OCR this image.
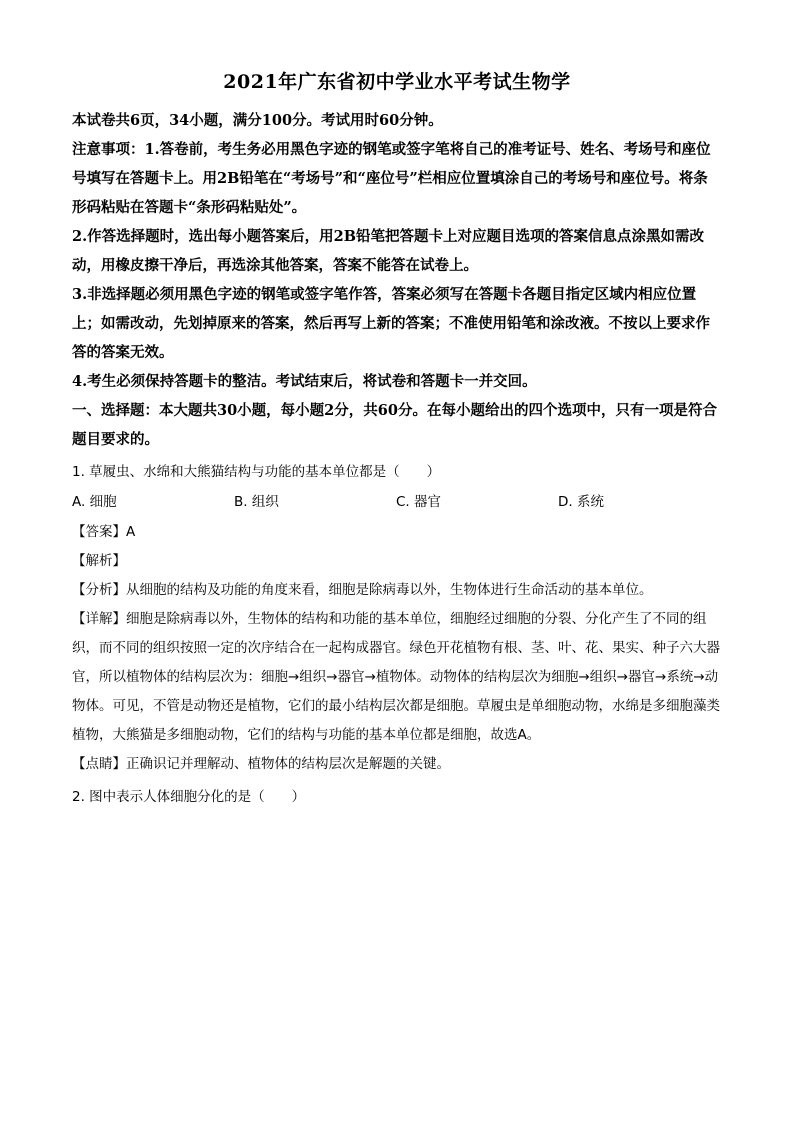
2021年广东省初中学业水平考试生物学

本试卷共6页，34小题，满分100分。考试用时60分钟。

注意事项：1.答卷前，考生务必用黑色字迹的钢笔或签字笔将自己的准考证号、姓名、考场号和座位号填写在答题卡上。用2B铅笔在“考场号”和“座位号”栏相应位置填涂自己的考场号和座位号。将条形码粘贴在答题卡“条形码粘贴处”。

2.作答选择题时，选出每小题答案后，用2B铅笔把答题卡上对应题目选项的答案信息点涂黑如需改动，用橡皮擦干净后，再选涂其他答案，答案不能答在试卷上。

3.非选择题必须用黑色字迹的钢笔或签字笔作答，答案必须写在答题卡各题目指定区域内相应位置上；如需改动，先划掉原来的答案，然后再写上新的答案；不准使用铅笔和涂改液。不按以上要求作答的答案无效。

4.考生必须保持答题卡的整洁。考试结束后，将试卷和答题卡一并交回。

一、选择题：本大题共30小题，每小题2分，共60分。在每小题给出的四个选项中，只有一项是符合题目要求的。

1. 草履虫、水绵和大熊猫结构与功能的基本单位都是（　　）

A. 细胞	B. 组织	C. 器官	D. 系统

【答案】A

【解析】

【分析】从细胞的结构及功能的角度来看，细胞是除病毒以外，生物体进行生命活动的基本单位。

【详解】细胞是除病毒以外，生物体的结构和功能的基本单位，细胞经过细胞的分裂、分化产生了不同的组织，而不同的组织按照一定的次序结合在一起构成器官。绿色开花植物有根、茎、叶、花、果实、种子六大器官，所以植物体的结构层次为：细胞→组织→器官→植物体。动物体的结构层次为细胞→组织→器官→系统→动物体。可见，不管是动物还是植物，它们的最小结构层次都是细胞。草履虫是单细胞动物，水绵是多细胞藻类植物，大熊猫是多细胞动物，它们的结构与功能的基本单位都是细胞，故选A。

【点睛】正确识记并理解动、植物体的结构层次是解题的关键。

2. 图中表示人体细胞分化的是（　　）
